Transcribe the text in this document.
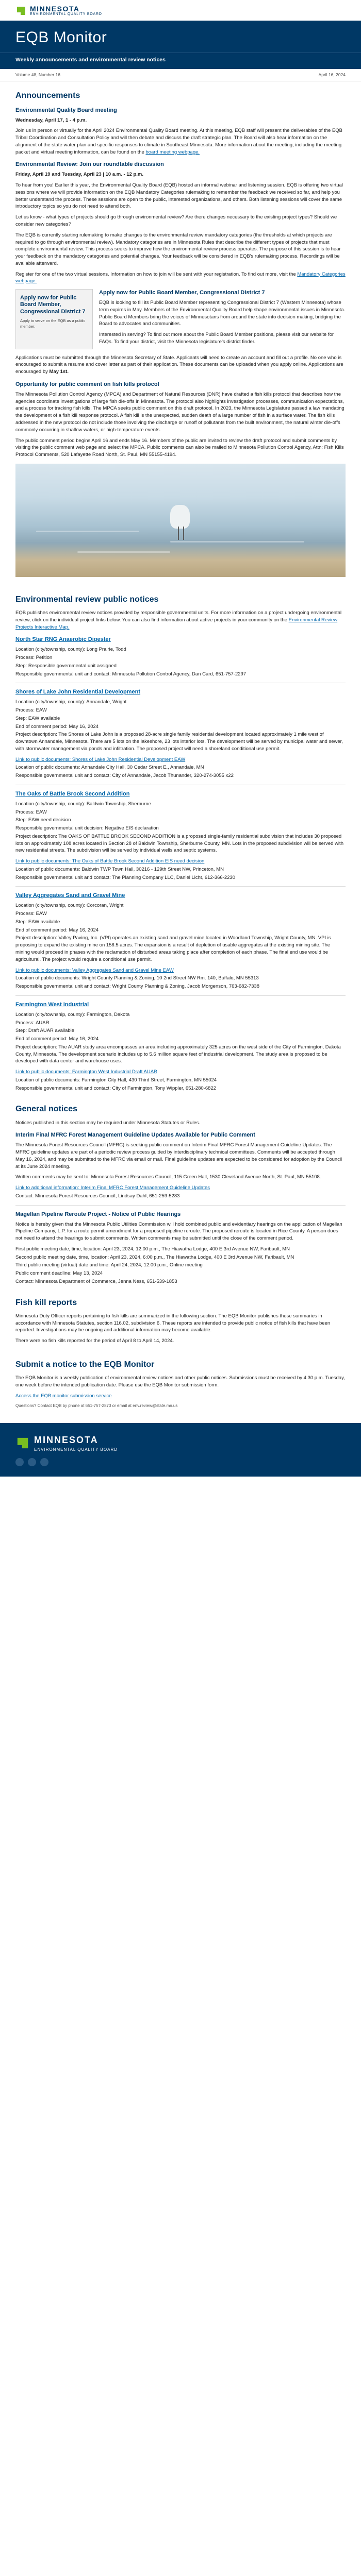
MINNESOTA
ENVIRONMENTAL QUALITY BOARD
EQB Monitor
Weekly announcements and environmental review notices
Volume 48, Number 16	April 16, 2024
Announcements
Environmental Quality Board meeting

Wednesday, April 17, 1 - 4 p.m.

Join us in person or virtually for the April 2024 Environmental Quality Board meeting. At this meeting, EQB staff will present the deliverables of the EQB Tribal Coordination and Consultation Policy and will then debate and discuss the draft strategic plan. The Board will also hear information on the alignment of the state water plan and specific responses to climate in Southeast Minnesota. More information about the meeting, including the meeting packet and virtual meeting information, can be found on the board meeting webpage.

Environmental Review: Join our roundtable discussion

Friday, April 19 and Tuesday, April 23 | 10 a.m. - 12 p.m.

To hear from you! Earlier this year, the Environmental Quality Board (EQB) hosted an informal webinar and listening session. EQB is offering two virtual sessions where we will provide information on the EQB Mandatory Categories rulemaking to remember the feedback we received so far, and help you better understand the process. These sessions are open to the public, interested organizations, and others. Both listening sessions will cover the same introductory topics so you do not need to attend both.

Let us know - what types of projects should go through environmental review? Are there changes necessary to the existing project types? Should we consider new categories?

The EQB is currently starting rulemaking to make changes to the environmental review mandatory categories (the thresholds at which projects are required to go through environmental review). Mandatory categories are in Minnesota Rules that describe the different types of projects that must complete environmental review. This process seeks to improve how the environmental review process operates. The purpose of this session is to hear your feedback on the mandatory categories and potential changes. Your feedback will be considered in EQB's rulemaking process. Recordings will be available afterward.

Register for one of the two virtual sessions. Information on how to join will be sent with your registration. To find out more, visit the Mandatory Categories webpage.

Apply now for Public Board Member, Congressional District 7
Apply to serve on the EQB as a public member.
Apply now for Public Board Member, Congressional District 7

EQB is looking to fill its Public Board Member representing Congressional District 7 (Western Minnesota) whose term expires in May. Members of the Environmental Quality Board help shape environmental issues in Minnesota. Public Board Members bring the voices of Minnesotans from around the state into decision making, bridging the Board to advocates and communities.

Interested in serving? To find out more about the Public Board Member positions, please visit our website for FAQs. To find your district, visit the Minnesota legislature's district finder.

Applications must be submitted through the Minnesota Secretary of State. Applicants will need to create an account and fill out a profile. No one who is encouraged to submit a resume and cover letter as part of their application. These documents can be uploaded when you apply online. Applications are encouraged by May 1st.

Opportunity for public comment on fish kills protocol

The Minnesota Pollution Control Agency (MPCA) and Department of Natural Resources (DNR) have drafted a fish kills protocol that describes how the agencies coordinate investigations of large fish die-offs in Minnesota. The protocol also highlights investigation processes, communication expectations, and a process for tracking fish kills. The MPCA seeks public comment on this draft protocol. In 2023, the Minnesota Legislature passed a law mandating the development of a fish kill response protocol. A fish kill is the unexpected, sudden death of a large number of fish in a surface water. The fish kills addressed in the new protocol do not include those involving the discharge or runoff of pollutants from the built environment, the natural winter die-offs commonly occurring in shallow waters, or high-temperature events.

The public comment period begins April 16 and ends May 16. Members of the public are invited to review the draft protocol and submit comments by visiting the public comment web page and select the MPCA. Public comments can also be mailed to Minnesota Pollution Control Agency, Attn: Fish Kills Protocol Comments, 520 Lafayette Road North, St. Paul, MN 55155-4194.

Environmental review public notices

EQB publishes environmental review notices provided by responsible governmental units. For more information on a project undergoing environmental review, click on the individual project links below. You can also find information about active projects in your community on the Environmental Review Projects Interactive Map.

North Star RNG Anaerobic Digester

Location (city/township, county): Long Prairie, Todd

Process: Petition

Step: Responsible governmental unit assigned

Responsible governmental unit and contact: Minnesota Pollution Control Agency, Dan Card, 651-757-2297

Shores of Lake John Residential Development

Location (city/township, county): Annandale, Wright

Process: EAW

Step: EAW available

End of comment period: May 16, 2024

Project description: The Shores of Lake John is a proposed 28-acre single family residential development located approximately 1 mile west of downtown Annandale, Minnesota. There are 5 lots on the lakeshore, 23 lots interior lots. The development will be served by municipal water and sewer, with stormwater management via ponds and infiltration. The proposed project will need a shoreland conditional use permit.

Link to public documents: Shores of Lake John Residential Development EAW

Location of public documents: Annandale City Hall, 30 Cedar Street E., Annandale, MN

Responsible governmental unit and contact: City of Annandale, Jacob Thunander, 320-274-3055 x22

The Oaks of Battle Brook Second Addition

Location (city/township, county): Baldwin Township, Sherburne

Process: EAW

Step: EAW need decision

Responsible governmental unit decision: Negative EIS declaration

Project description: The OAKS OF BATTLE BROOK SECOND ADDITION is a proposed single-family residential subdivision that includes 30 proposed lots on approximately 108 acres located in Section 28 of Baldwin Township, Sherburne County, MN. Lots in the proposed subdivision will be served with new residential streets. The subdivision will be served by individual wells and septic systems.

Link to public documents: The Oaks of Battle Brook Second Addition EIS need decision

Location of public documents: Baldwin TWP Town Hall, 30216 - 129th Street NW, Princeton, MN

Responsible governmental unit and contact: The Planning Company LLC, Daniel Licht, 612-366-2230

Valley Aggregates Sand and Gravel Mine

Location (city/township, county): Corcoran, Wright

Process: EAW

Step: EAW available

End of comment period: May 16, 2024

Project description: Valley Paving, Inc. (VPI) operates an existing sand and gravel mine located in Woodland Township, Wright County, MN. VPI is proposing to expand the existing mine on 158.5 acres. The expansion is a result of depletion of usable aggregates at the existing mining site. The mining would proceed in phases with the reclamation of disturbed areas taking place after completion of each phase. The final end use would be agricultural. The project would require a conditional use permit.

Link to public documents: Valley Aggregates Sand and Gravel Mine EAW

Location of public documents: Wright County Planning & Zoning, 10 2nd Street NW Rm. 140, Buffalo, MN 55313

Responsible governmental unit and contact: Wright County Planning & Zoning, Jacob Morgenson, 763-682-7338

Farmington West Industrial

Location (city/township, county): Farmington, Dakota

Process: AUAR

Step: Draft AUAR available

End of comment period: May 16, 2024

Project description: The AUAR study area encompasses an area including approximately 325 acres on the west side of the City of Farmington, Dakota County, Minnesota. The development scenario includes up to 5.6 million square feet of industrial development. The study area is proposed to be developed with data center and warehouse uses.

Link to public documents: Farmington West Industrial Draft AUAR

Location of public documents: Farmington City Hall, 430 Third Street, Farmington, MN 55024

Responsible governmental unit and contact: City of Farmington, Tony Wippler, 651-280-6822

General notices

Notices published in this section may be required under Minnesota Statutes or Rules.

Interim Final MFRC Forest Management Guideline Updates Available for Public Comment

The Minnesota Forest Resources Council (MFRC) is seeking public comment on Interim Final MFRC Forest Management Guideline Updates. The MFRC guideline updates are part of a periodic review process guided by interdisciplinary technical committees. Comments will be accepted through May 16, 2024, and may be submitted to the MFRC via email or mail. Final guideline updates are expected to be considered for adoption by the Council at its June 2024 meeting.

Written comments may be sent to: Minnesota Forest Resources Council, 115 Green Hall, 1530 Cleveland Avenue North, St. Paul, MN 55108.

Link to additional information: Interim Final MFRC Forest Management Guideline Updates

Contact: Minnesota Forest Resources Council, Lindsay Dahl, 651-259-5283

Magellan Pipeline Reroute Project - Notice of Public Hearings

Notice is hereby given that the Minnesota Public Utilities Commission will hold combined public and evidentiary hearings on the application of Magellan Pipeline Company, L.P. for a route permit amendment for a proposed pipeline reroute. The proposed reroute is located in Rice County. A person does not need to attend the hearings to submit comments. Written comments may be submitted until the close of the comment period.

First public meeting date, time, location: April 23, 2024, 12:00 p.m., The Hiawatha Lodge, 400 E 3rd Avenue NW, Faribault, MN

Second public meeting date, time, location: April 23, 2024, 6:00 p.m., The Hiawatha Lodge, 400 E 3rd Avenue NW, Faribault, MN

Third public meeting (virtual) date and time: April 24, 2024, 12:00 p.m., Online meeting

Public comment deadline: May 13, 2024

Contact: Minnesota Department of Commerce, Jenna Ness, 651-539-1853

Fish kill reports

Minnesota Duty Officer reports pertaining to fish kills are summarized in the following section. The EQB Monitor publishes these summaries in accordance with Minnesota Statutes, section 116.02, subdivision 6. These reports are intended to provide public notice of fish kills that have been reported. Investigations may be ongoing and additional information may become available.

There were no fish kills reported for the period of April 8 to April 14, 2024.

Submit a notice to the EQB Monitor

The EQB Monitor is a weekly publication of environmental review notices and other public notices. Submissions must be received by 4:30 p.m. Tuesday, one week before the intended publication date. Please use the EQB Monitor submission form.

Access the EQB monitor submission service

Questions? Contact EQB by phone at 651-757-2873 or email at env.review@state.mn.us

MINNESOTA
ENVIRONMENTAL QUALITY BOARD
